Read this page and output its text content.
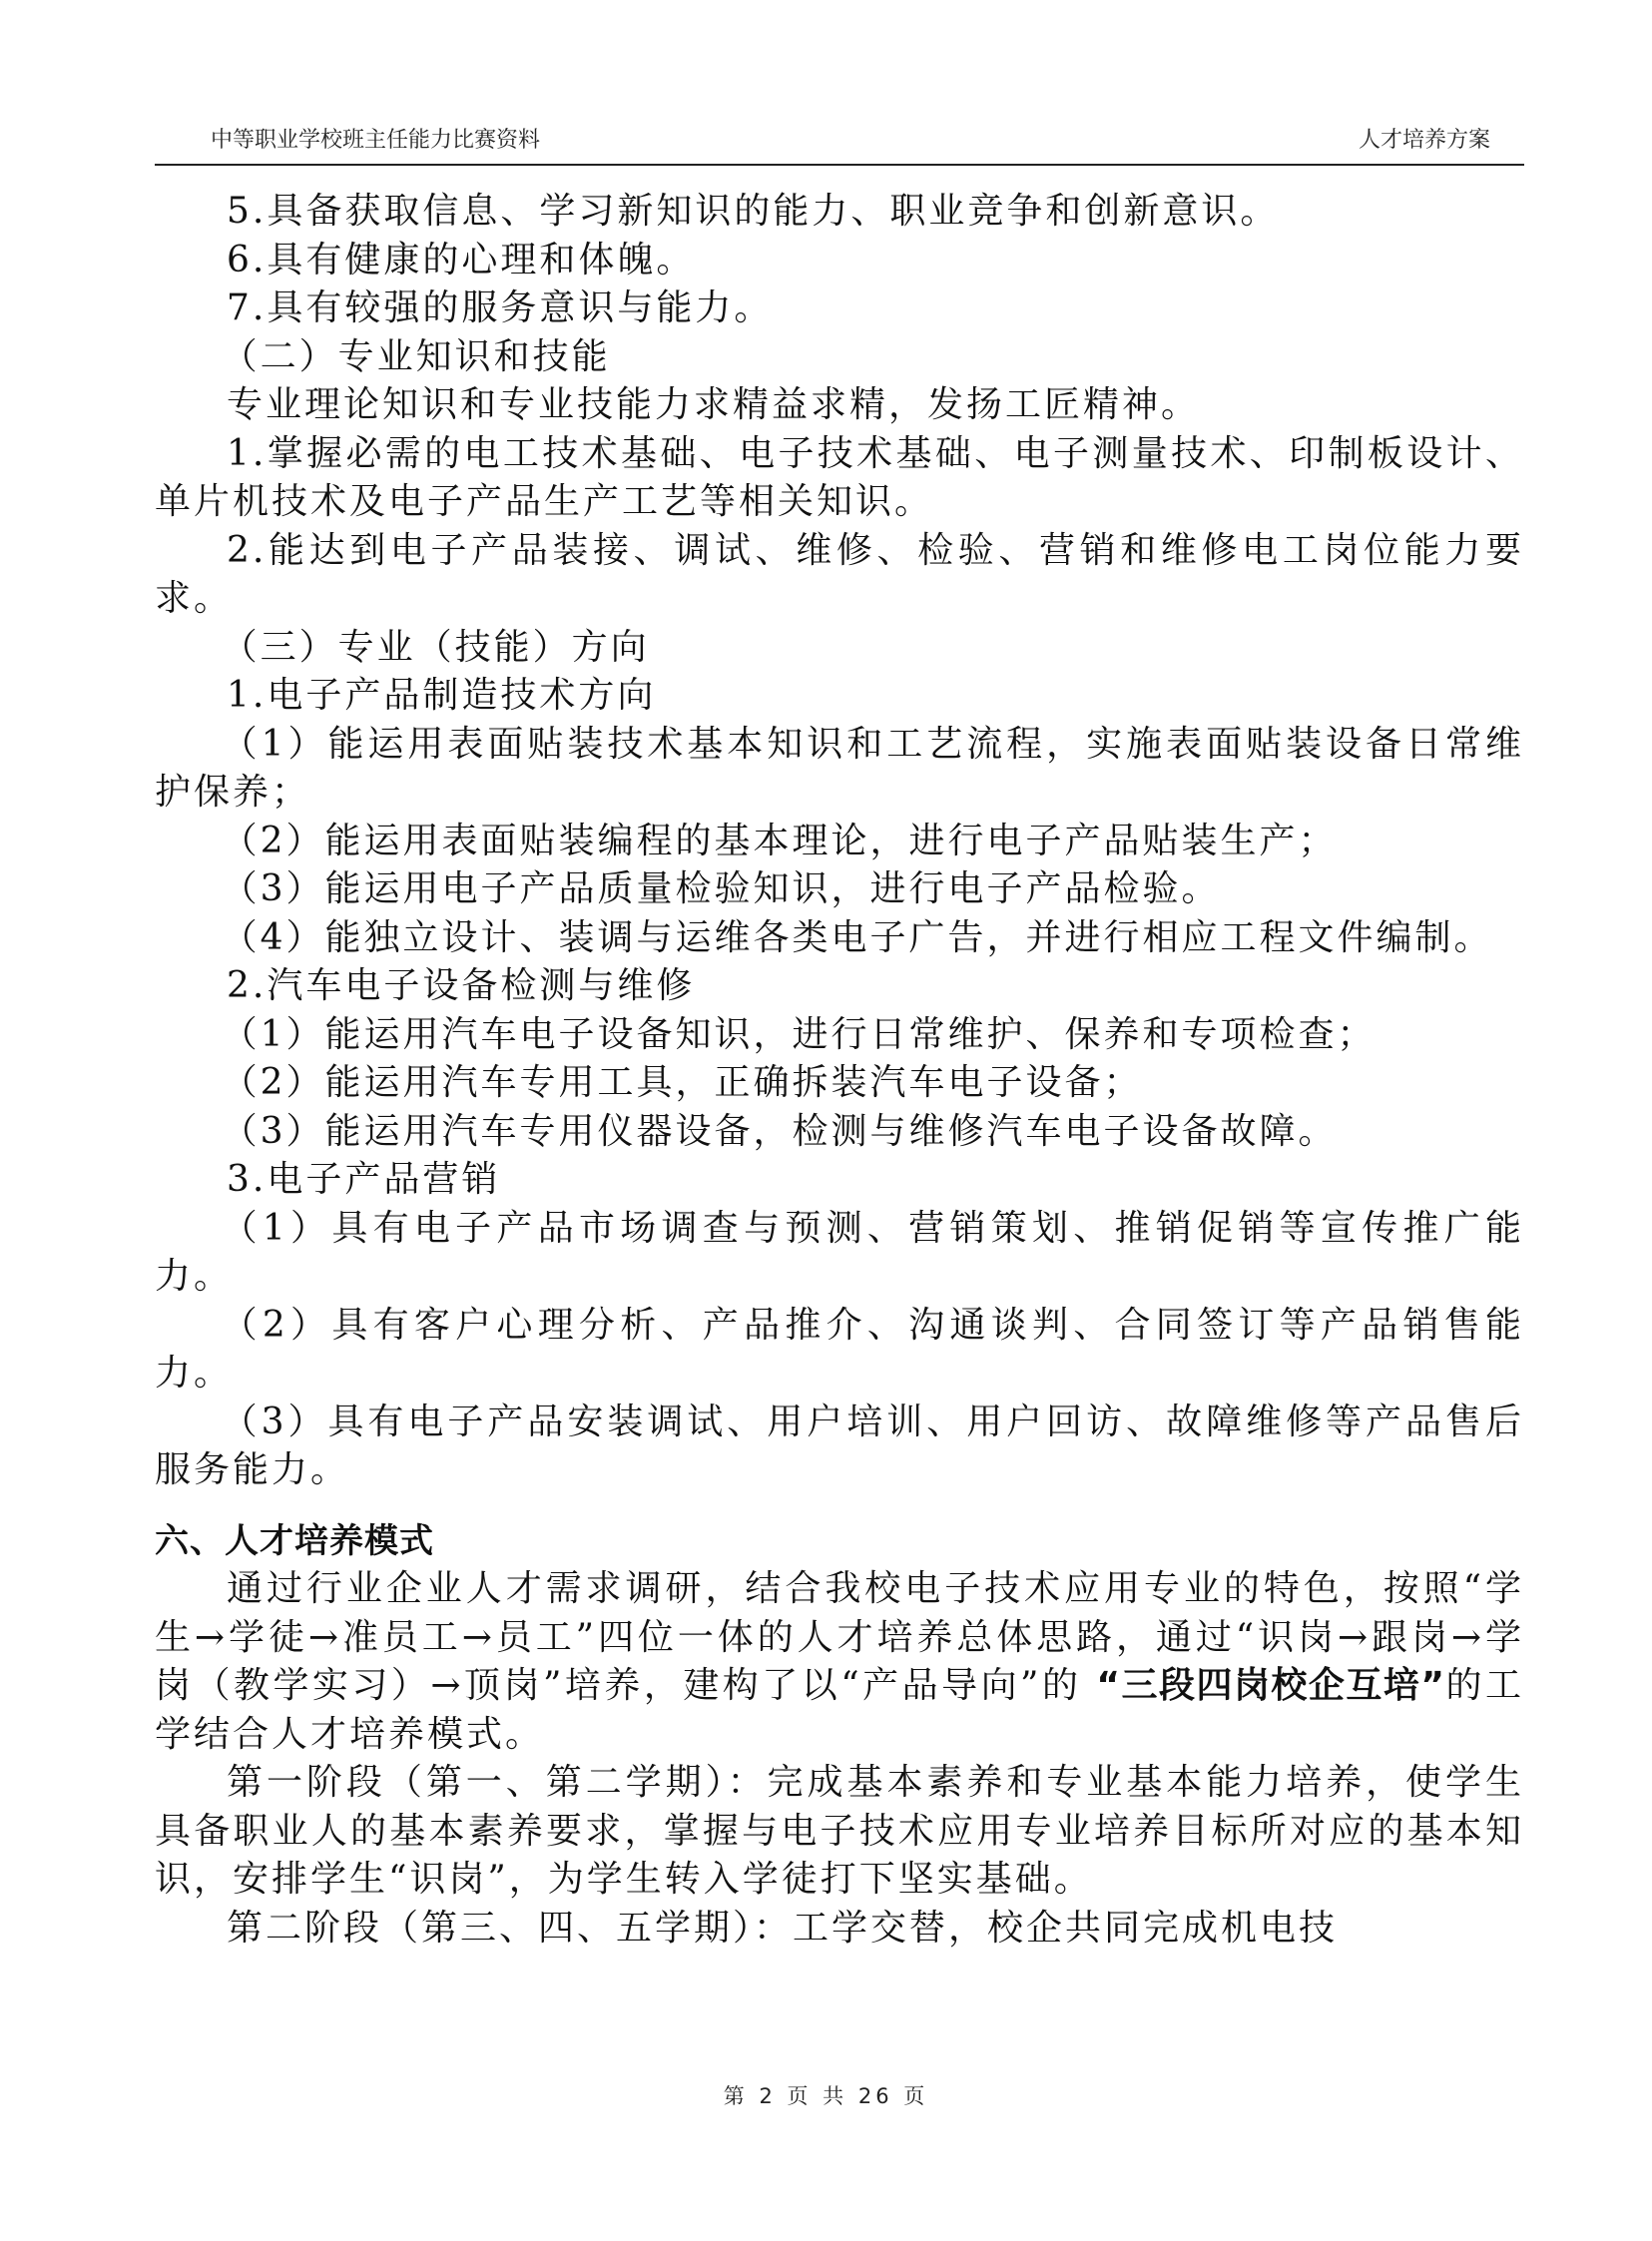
中等职业学校班主任能力比赛资料	人才培养方案

5.具备获取信息、学习新知识的能力、职业竞争和创新意识。

6.具有健康的心理和体魄。

7.具有较强的服务意识与能力。

（二）专业知识和技能

专业理论知识和专业技能力求精益求精，发扬工匠精神。

1.掌握必需的电工技术基础、电子技术基础、电子测量技术、印制板设计、单片机技术及电子产品生产工艺等相关知识。

2.能达到电子产品装接、调试、维修、检验、营销和维修电工岗位能力要求。

（三）专业（技能）方向

1.电子产品制造技术方向

（1）能运用表面贴装技术基本知识和工艺流程，实施表面贴装设备日常维护保养；

（2）能运用表面贴装编程的基本理论，进行电子产品贴装生产；

（3）能运用电子产品质量检验知识，进行电子产品检验。

（4）能独立设计、装调与运维各类电子广告，并进行相应工程文件编制。

2.汽车电子设备检测与维修

（1）能运用汽车电子设备知识，进行日常维护、保养和专项检查；

（2）能运用汽车专用工具，正确拆装汽车电子设备；

（3）能运用汽车专用仪器设备，检测与维修汽车电子设备故障。

3.电子产品营销

（1）具有电子产品市场调查与预测、营销策划、推销促销等宣传推广能力。

（2）具有客户心理分析、产品推介、沟通谈判、合同签订等产品销售能力。

（3）具有电子产品安装调试、用户培训、用户回访、故障维修等产品售后服务能力。

六、人才培养模式

通过行业企业人才需求调研，结合我校电子技术应用专业的特色，按照“学生→学徒→准员工→员工”四位一体的人才培养总体思路，通过“识岗→跟岗→学岗（教学实习）→顶岗”培养，建构了以“产品导向”的 “三段四岗校企互培”的工学结合人才培养模式。

第一阶段（第一、第二学期）：完成基本素养和专业基本能力培养，使学生具备职业人的基本素养要求，掌握与电子技术应用专业培养目标所对应的基本知识，安排学生“识岗”，为学生转入学徒打下坚实基础。

第二阶段（第三、四、五学期）：工学交替，校企共同完成机电技

第 2 页 共 26 页
